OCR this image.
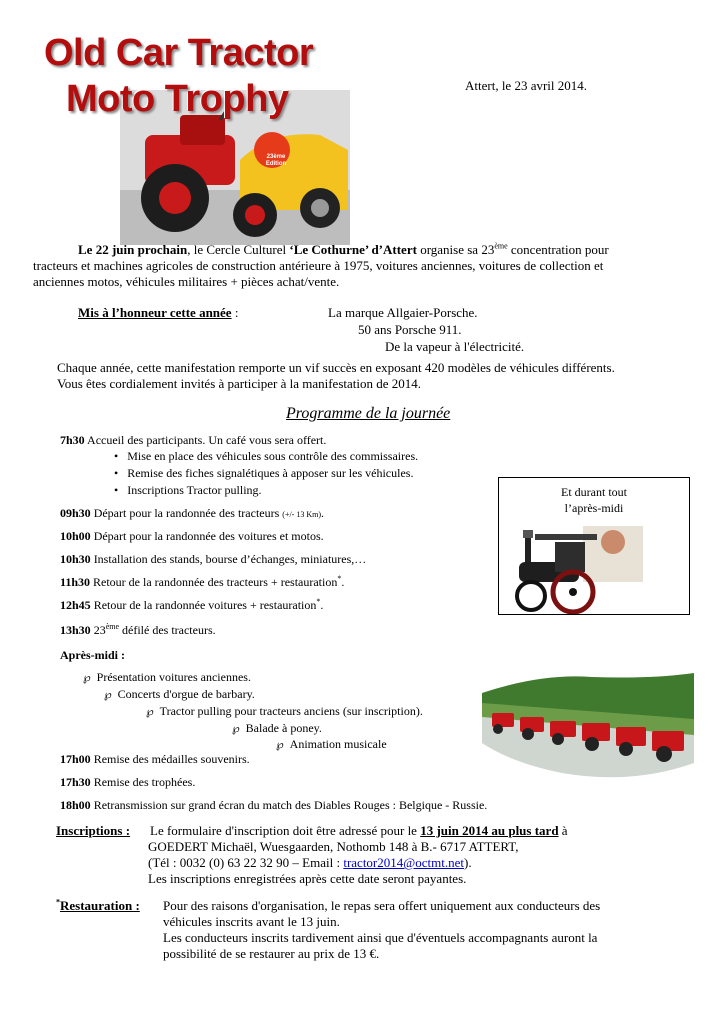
23ème Edition
Old Car Tractor
Moto Trophy	Attert, le 23 avril 2014.
Le 22 juin prochain, le Cercle Culturel ‘Le Cothurne’ d’Attert organise sa 23ème concentration pour
tracteurs et machines agricoles de construction antérieure à 1975, voitures anciennes, voitures de collection et
anciennes motos, véhicules militaires + pièces achat/vente.
Mis à l’honneur cette année :	La marque Allgaier-Porsche.
50 ans Porsche 911.
De la vapeur à l'électricité.
Chaque année, cette manifestation remporte un vif succès en exposant 420 modèles de véhicules différents.
Vous êtes cordialement invités à participer à la manifestation de 2014.
Programme de la journée
7h30 Accueil des participants. Un café vous sera offert.
• Mise en place des véhicules sous contrôle des commissaires.
• Remise des fiches signalétiques à apposer sur les véhicules.
• Inscriptions Tractor pulling.
09h30 Départ pour la randonnée des tracteurs (+/- 13 Km).
10h00 Départ pour la randonnée des voitures et motos.
10h30 Installation des stands, bourse d’échanges, miniatures,…
11h30 Retour de la randonnée des tracteurs + restauration*.
12h45 Retour de la randonnée voitures + restauration*.
13h30 23ème défilé des tracteurs.
Après-midi :
℘ Présentation voitures anciennes.
℘ Concerts d'orgue de barbary.
℘ Tractor pulling pour tracteurs anciens (sur inscription).
℘ Balade à poney.
℘ Animation musicale
17h00 Remise des médailles souvenirs.
17h30 Remise des trophées.
18h00 Retransmission sur grand écran du match des Diables Rouges : Belgique - Russie.
Et durant tout
l’après-midi
Inscriptions : Le formulaire d'inscription doit être adressé pour le 13 juin 2014 au plus tard à
GOEDERT Michaël, Wuesgaarden, Nothomb 148 à B.- 6717 ATTERT,
(Tél : 0032 (0) 63 22 32 90 – Email : tractor2014@octmt.net).
Les inscriptions enregistrées après cette date seront payantes.
*Restauration : Pour des raisons d'organisation, le repas sera offert uniquement aux conducteurs des
véhicules inscrits avant le 13 juin.
Les conducteurs inscrits tardivement ainsi que d'éventuels accompagnants auront la
possibilité de se restaurer au prix de 13 €.
